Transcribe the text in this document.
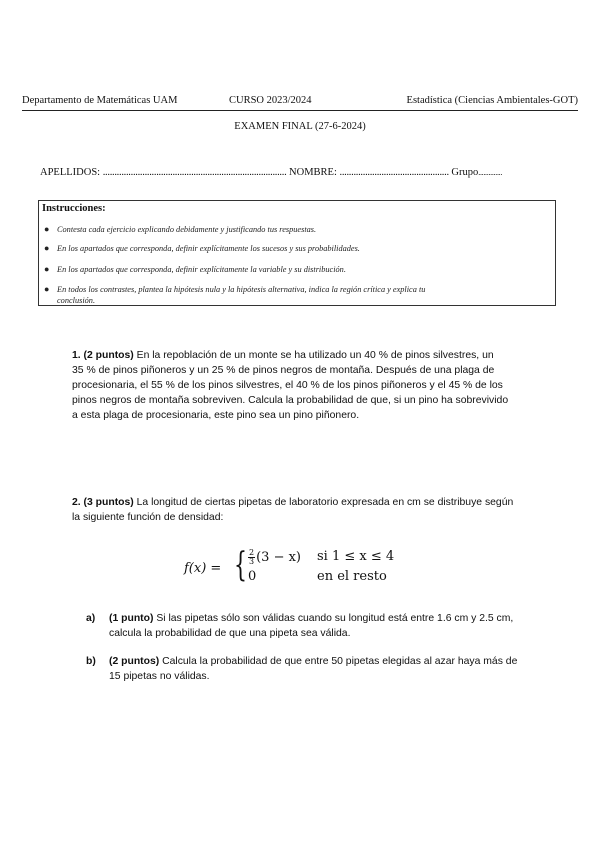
Departamento de Matemáticas UAM	CURSO 2023/2024	Estadística (Ciencias Ambientales-GOT)
EXAMEN FINAL (27-6-2024)
APELLIDOS: ............................................................................... NOMBRE: ............................................... Grupo..............
Instrucciones:
● Contesta cada ejercicio explicando debidamente y justificando tus respuestas.
● En los apartados que corresponda, definir explícitamente los sucesos y sus probabilidades.
● En los apartados que corresponda, definir explícitamente la variable y su distribución.
● En todos los contrastes, plantea la hipótesis nula y la hipótesis alternativa, indica la región crítica y explica tu
conclusión.
1. (2 puntos) En la repoblación de un monte se ha utilizado un 40 % de pinos silvestres, un
35 % de pinos piñoneros y un 25 % de pinos negros de montaña. Después de una plaga de
procesionaria, el 55 % de los pinos silvestres, el 40 % de los pinos piñoneros y el 45 % de los
pinos negros de montaña sobreviven. Calcula la probabilidad de que, si un pino ha sobrevivido
a esta plaga de procesionaria, este pino sea un pino piñonero.
2. (3 puntos) La longitud de ciertas pipetas de laboratorio expresada en cm se distribuye según
la siguiente función de densidad:
f(x) = { $\frac{2}{3} (3 - x)$ si 1 ≤ x ≤ 4
0	en el resto
a) (1 punto) Si las pipetas sólo son válidas cuando su longitud está entre 1.6 cm y 2.5 cm,
calcula la probabilidad de que una pipeta sea válida.
b) (2 puntos) Calcula la probabilidad de que entre 50 pipetas elegidas al azar haya más de
15 pipetas no válidas.
